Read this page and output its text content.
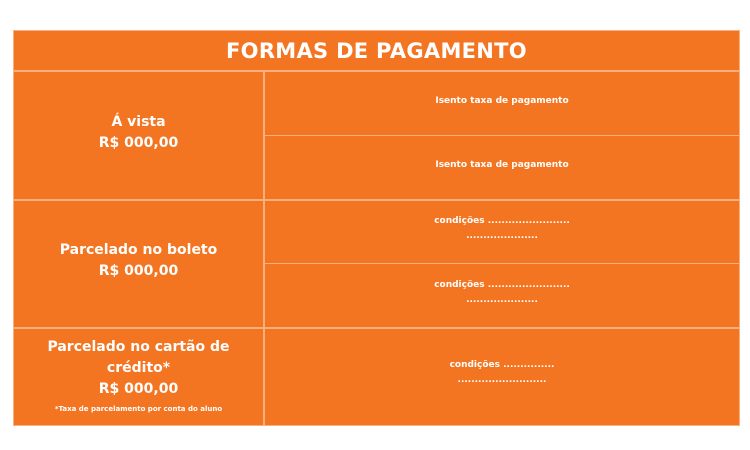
FORMAS DE PAGAMENTO
Á vista
R$ 000,00
Isento taxa de pagamento
Isento taxa de pagamento
Parcelado no boleto
R$ 000,00
condições ........................
.....................
condições ........................
.....................
Parcelado no cartão de
crédito*
R$ 000,00
*Taxa de parcelamento por conta do aluno
condições ...............
..........................
